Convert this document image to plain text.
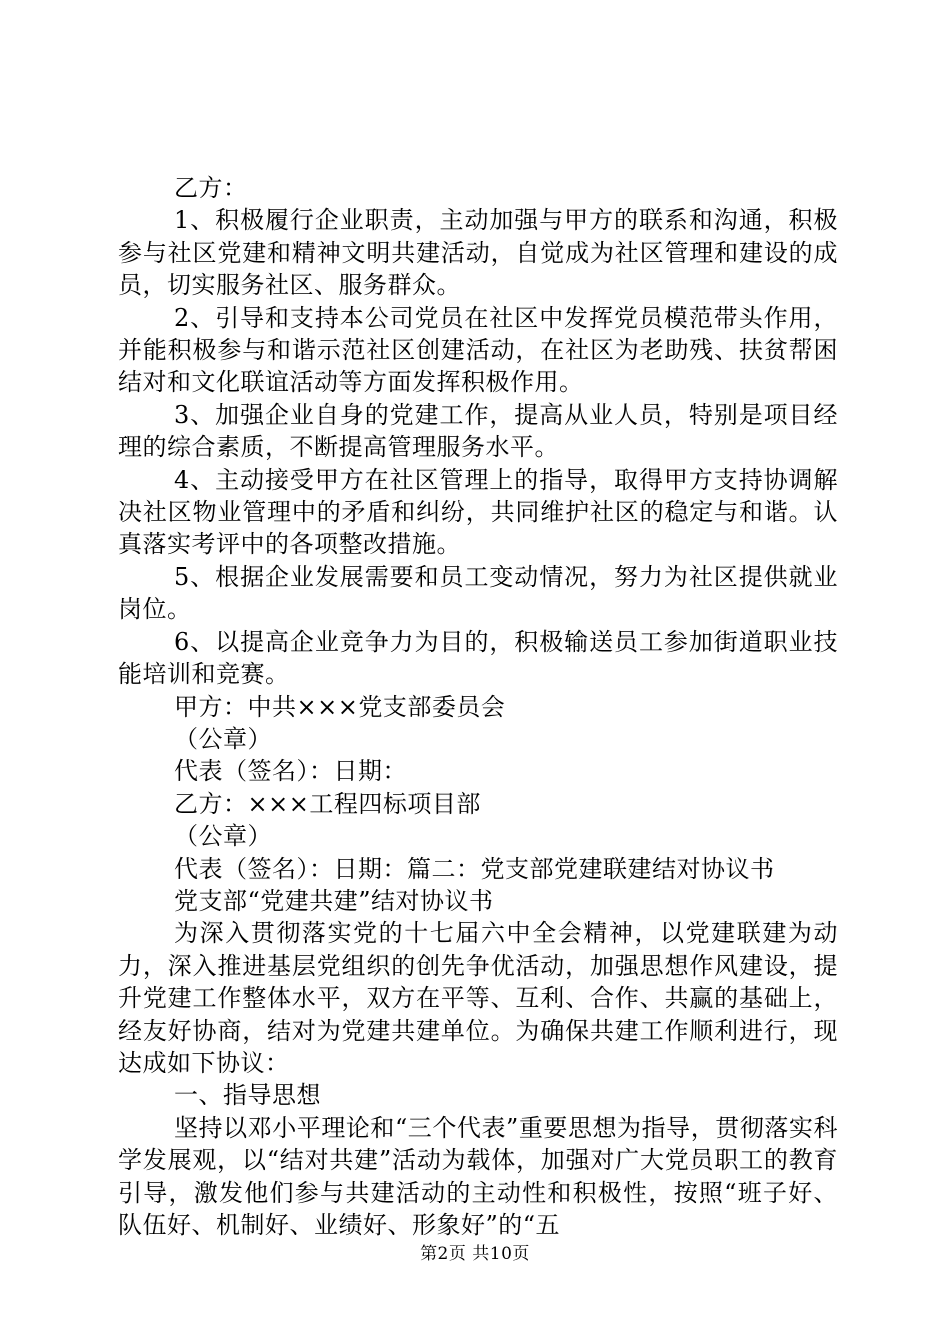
乙方：

1、积极履行企业职责，主动加强与甲方的联系和沟通，积极参与社区党建和精神文明共建活动，自觉成为社区管理和建设的成员，切实服务社区、服务群众。

2、引导和支持本公司党员在社区中发挥党员模范带头作用，并能积极参与和谐示范社区创建活动，在社区为老助残、扶贫帮困结对和文化联谊活动等方面发挥积极作用。

3、加强企业自身的党建工作，提高从业人员，特别是项目经理的综合素质，不断提高管理服务水平。

4、主动接受甲方在社区管理上的指导，取得甲方支持协调解决社区物业管理中的矛盾和纠纷，共同维护社区的稳定与和谐。认真落实考评中的各项整改措施。

5、根据企业发展需要和员工变动情况，努力为社区提供就业岗位。

6、以提高企业竞争力为目的，积极输送员工参加街道职业技能培训和竞赛。

甲方：中共×××党支部委员会

（公章）

代表（签名）：日期：

乙方：×××工程四标项目部

（公章）

代表（签名）：日期：篇二：党支部党建联建结对协议书

党支部“党建共建”结对协议书

为深入贯彻落实党的十七届六中全会精神，以党建联建为动力，深入推进基层党组织的创先争优活动，加强思想作风建设，提升党建工作整体水平，双方在平等、互利、合作、共赢的基础上，经友好协商，结对为党建共建单位。为确保共建工作顺利进行，现达成如下协议：

一、指导思想

坚持以邓小平理论和“三个代表”重要思想为指导，贯彻落实科学发展观，以“结对共建”活动为载体，加强对广大党员职工的教育引导，激发他们参与共建活动的主动性和积极性，按照“班子好、队伍好、机制好、业绩好、形象好”的“五

第2页 共10页
